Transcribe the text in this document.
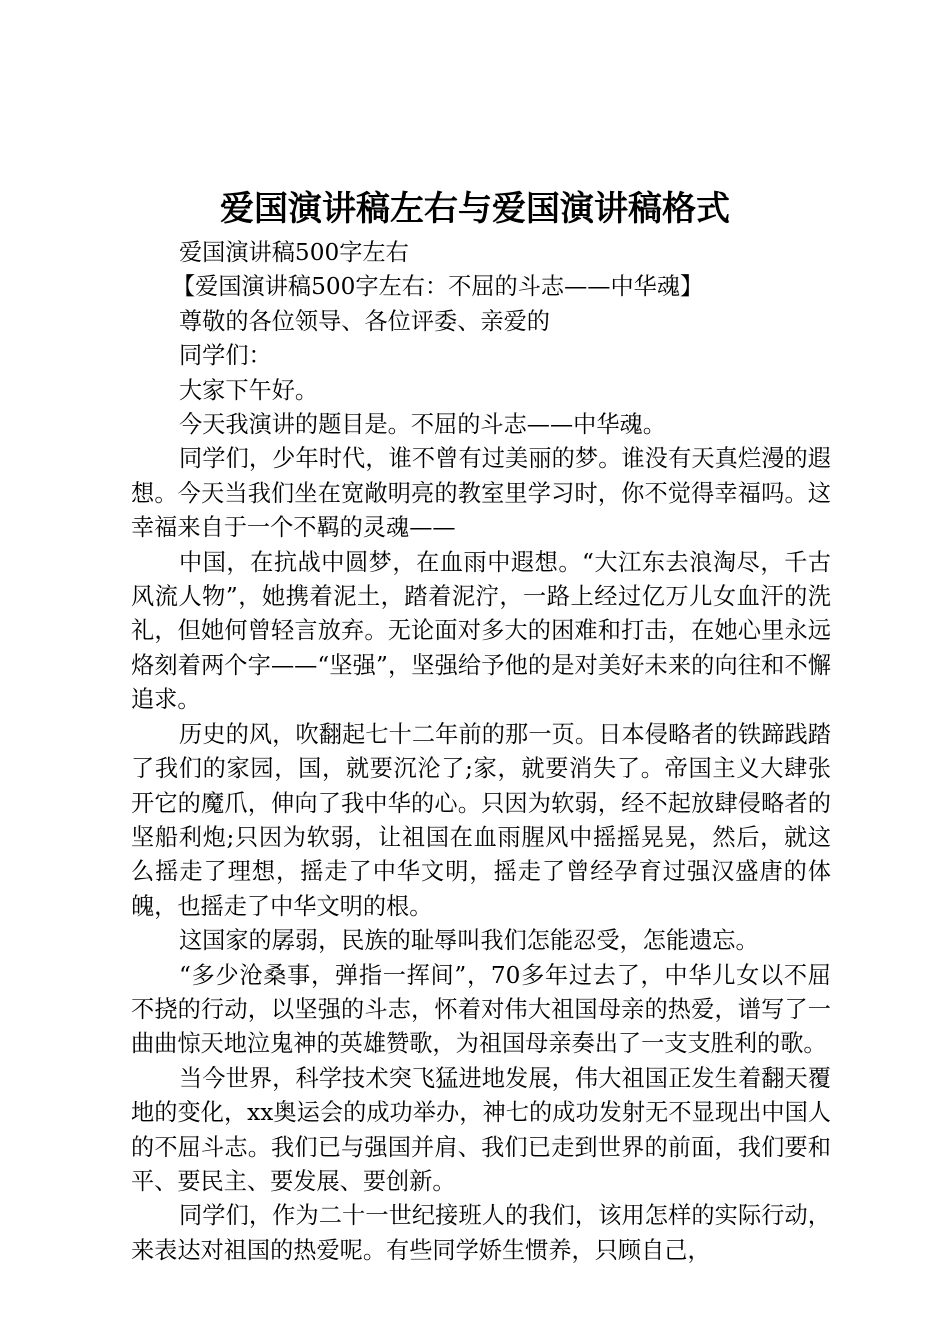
爱国演讲稿左右与爱国演讲稿格式

爱国演讲稿500字左右

【爱国演讲稿500字左右：不屈的斗志——中华魂】

尊敬的各位领导、各位评委、亲爱的

同学们：

大家下午好。

今天我演讲的题目是。不屈的斗志——中华魂。

同学们，少年时代，谁不曾有过美丽的梦。谁没有天真烂漫的遐想。今天当我们坐在宽敞明亮的教室里学习时，你不觉得幸福吗。这幸福来自于一个不羁的灵魂——

中国，在抗战中圆梦，在血雨中遐想。“大江东去浪淘尽，千古风流人物”，她携着泥土，踏着泥泞，一路上经过亿万儿女血汗的洗礼，但她何曾轻言放弃。无论面对多大的困难和打击，在她心里永远烙刻着两个字——“坚强”，坚强给予他的是对美好未来的向往和不懈追求。

历史的风，吹翻起七十二年前的那一页。日本侵略者的铁蹄践踏了我们的家园，国，就要沉沦了;家，就要消失了。帝国主义大肆张开它的魔爪，伸向了我中华的心。只因为软弱，经不起放肆侵略者的坚船利炮;只因为软弱，让祖国在血雨腥风中摇摇晃晃，然后，就这么摇走了理想，摇走了中华文明，摇走了曾经孕育过强汉盛唐的体魄，也摇走了中华文明的根。

这国家的孱弱，民族的耻辱叫我们怎能忍受，怎能遗忘。

“多少沧桑事，弹指一挥间”，70多年过去了，中华儿女以不屈不挠的行动，以坚强的斗志，怀着对伟大祖国母亲的热爱，谱写了一曲曲惊天地泣鬼神的英雄赞歌，为祖国母亲奏出了一支支胜利的歌。

当今世界，科学技术突飞猛进地发展，伟大祖国正发生着翻天覆地的变化，xx奥运会的成功举办，神七的成功发射无不显现出中国人的不屈斗志。我们已与强国并肩、我们已走到世界的前面，我们要和平、要民主、要发展、要创新。

同学们，作为二十一世纪接班人的我们，该用怎样的实际行动，来表达对祖国的热爱呢。有些同学娇生惯养，只顾自己，
